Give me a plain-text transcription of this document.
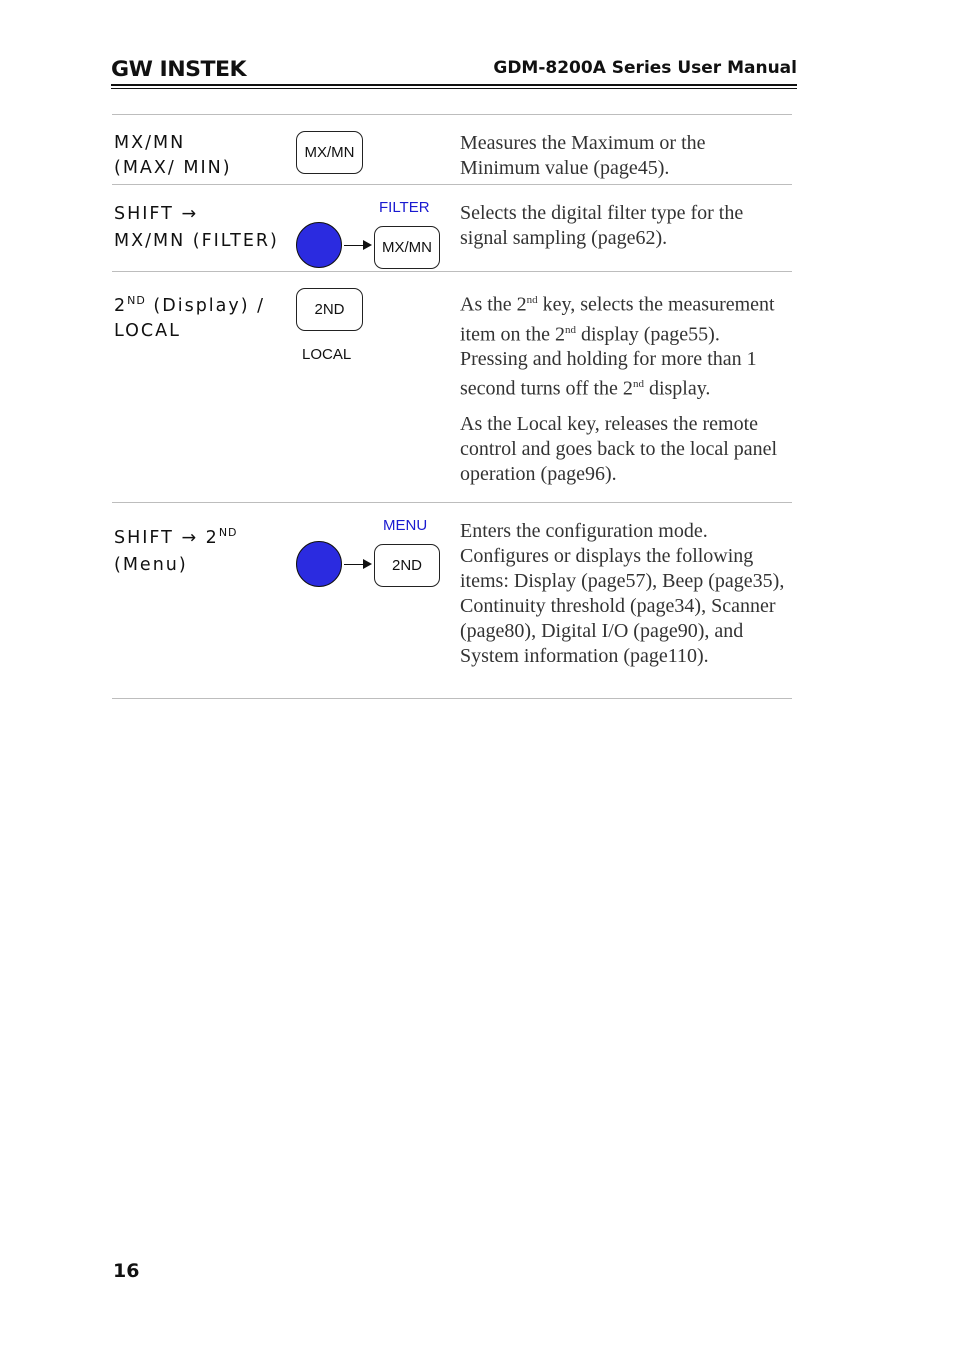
GW INSTEK	GDM-8200A Series User Manual
MX/MN
(MAX/ MIN)
MX/MN	Measures the Maximum or the Minimum value (page45).
SHIFT →
MX/MN (FILTER)
FILTER
MX/MN
Selects the digital filter type for the signal sampling (page62).
2ND (Display) /
LOCAL
2ND
LOCAL

As the 2nd key, selects the measurement item on the 2nd display (page55). Pressing and holding for more than 1 second turns off the 2nd display.

As the Local key, releases the remote control and goes back to the local panel operation (page96).

SHIFT → 2ND
(Menu)
MENU
2ND
Enters the configuration mode. Configures or displays the following items: Display (page57), Beep (page35), Continuity threshold (page34), Scanner (page80), Digital I/O (page90), and System information (page110).
16
